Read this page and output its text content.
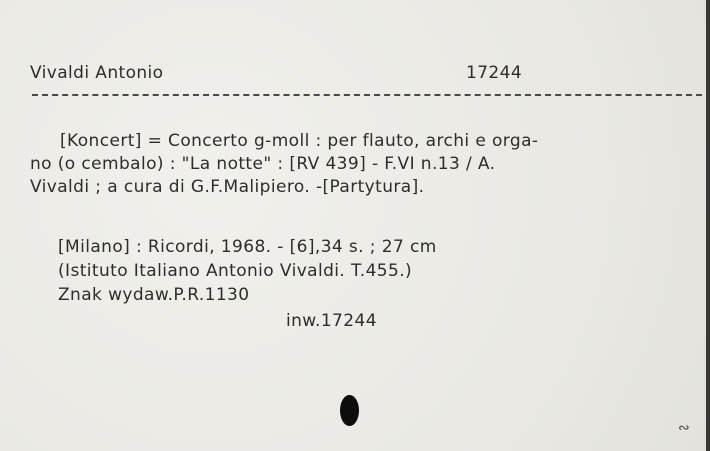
Vivaldi Antonio	17244
[Koncert] = Concerto g-moll : per flauto, archi e orga-
no (o cembalo) : "La notte" : [RV 439] - F.VI n.13 / A.
Vivaldi ; a cura di G.F.Malipiero. -[Partytura].
[Milano] : Ricordi, 1968. - [6],34 s. ; 27 cm
(Istituto Italiano Antonio Vivaldi. T.455.)
Znak wydaw.P.R.1130
inw.17244
∾
